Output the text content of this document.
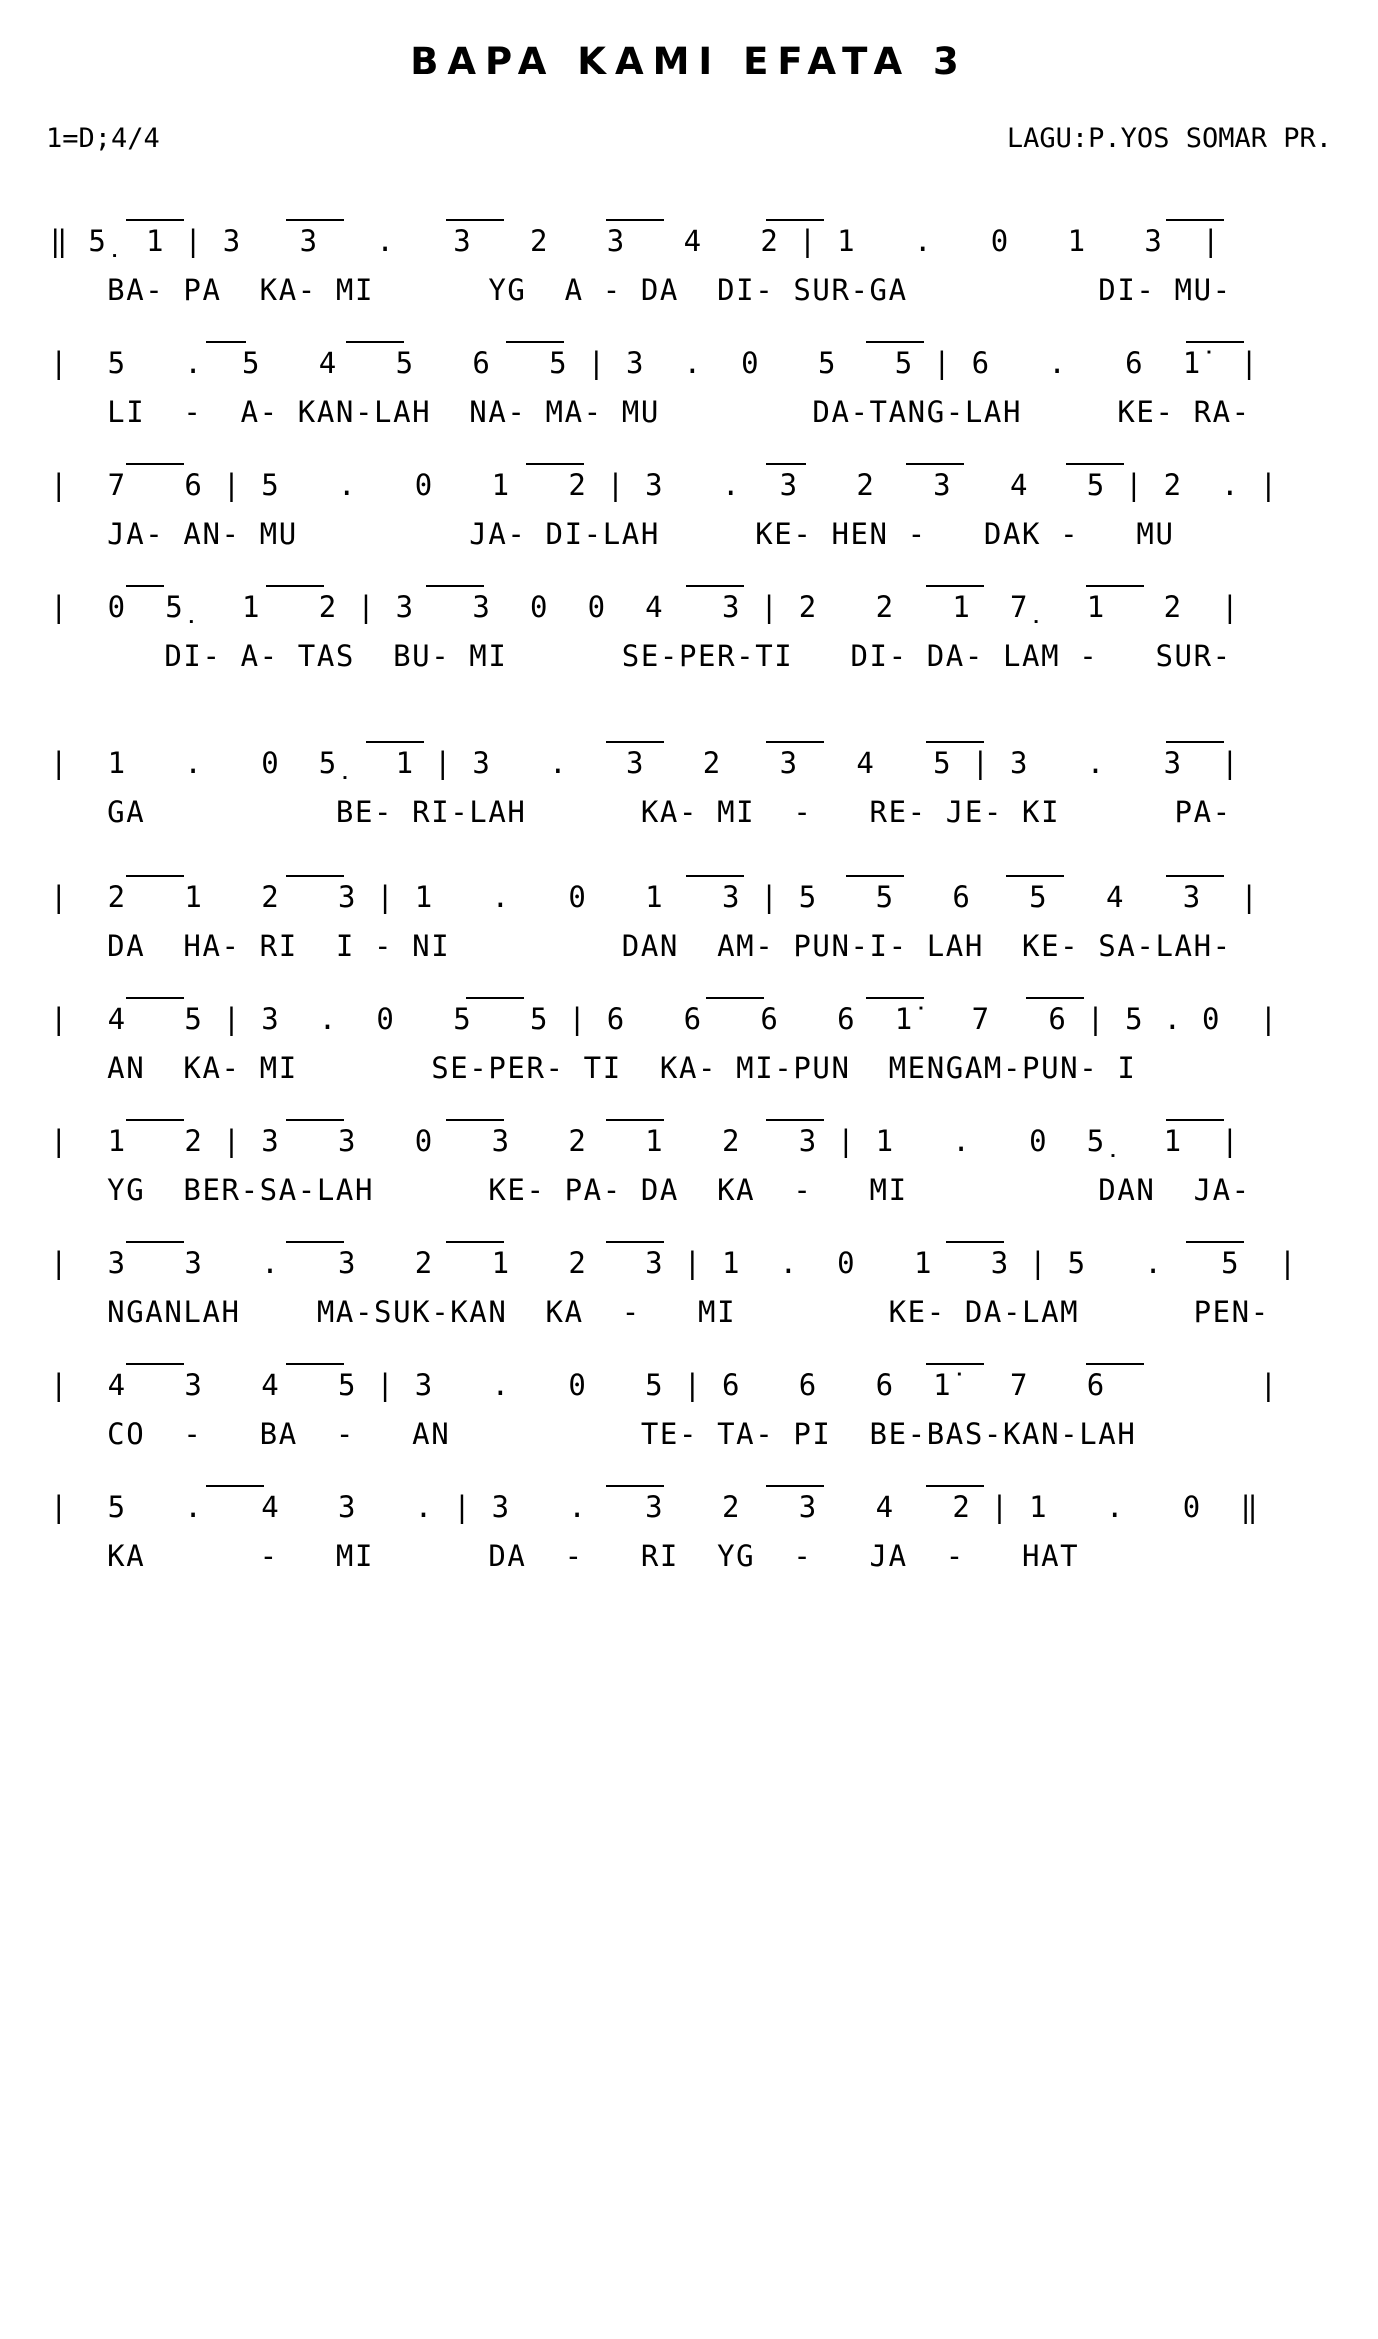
BAPA KAMI EFATA 3
1=D;4/4	LAGU:P.YOS SOMAR PR.
‖ 5̣  1 | 3   3   .   3   2   3   4   2 | 1   .   0   1   3  |
BA- PA  KA- MI      YG  A - DA  DI- SUR-GA          DI- MU-
|  5   .  5   4   5   6   5 | 3  .  0   5   5 | 6   .   6  1̇  |
LI  -  A- KAN-LAH  NA- MA- MU        DA-TANG-LAH     KE- RA-
|  7   6 | 5   .   0   1   2 | 3   .  3   2   3   4   5 | 2  . |
JA- AN- MU         JA- DI-LAH     KE- HEN -   DAK -   MU
|  0  5̣   1   2 | 3   3  0  0  4   3 | 2   2   1  7̣   1   2  |
DI- A- TAS  BU- MI      SE-PER-TI   DI- DA- LAM -   SUR-
|  1   .   0  5̣   1 | 3   .   3   2   3   4   5 | 3   .   3  |
GA          BE- RI-LAH      KA- MI  -   RE- JE- KI      PA-
|  2   1   2   3 | 1   .   0   1   3 | 5   5   6   5   4   3  |
DA  HA- RI  I - NI         DAN  AM- PUN-I- LAH  KE- SA-LAH-
|  4   5 | 3  .  0   5   5 | 6   6   6   6  1̇   7   6 | 5 . 0  |
AN  KA- MI       SE-PER- TI  KA- MI-PUN  MENGAM-PUN- I
|  1   2 | 3   3   0   3   2   1   2   3 | 1   .   0  5̣   1  |
YG  BER-SA-LAH      KE- PA- DA  KA  -   MI          DAN  JA-
|  3   3   .   3   2   1   2   3 | 1  .  0   1   3 | 5   .   5  |
NGANLAH    MA-SUK-KAN  KA  -   MI        KE- DA-LAM      PEN-
|  4   3   4   5 | 3   .   0   5 | 6   6   6  1̇   7   6        |
CO  -   BA  -   AN          TE- TA- PI  BE-BAS-KAN-LAH
|  5   .   4   3   . | 3   .   3   2   3   4   2 | 1   .   0  ‖
KA      -   MI      DA  -   RI  YG  -   JA  -   HAT
